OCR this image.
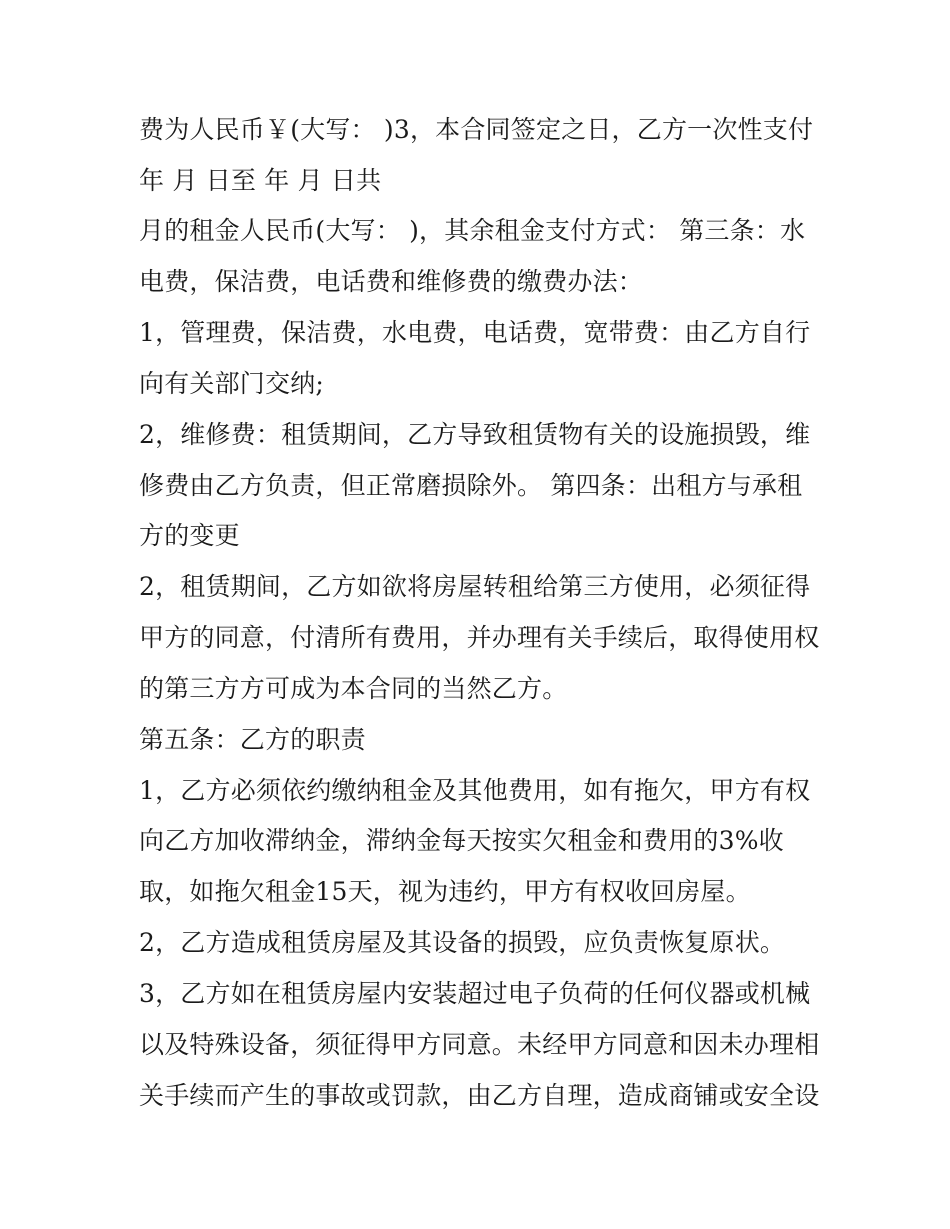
费为人民币￥(大写： )3，本合同签定之日，乙方一次性支付
年 月 日至 年 月 日共
月的租金人民币(大写： )，其余租金支付方式： 第三条：水
电费，保洁费，电话费和维修费的缴费办法：
1，管理费，保洁费，水电费，电话费，宽带费：由乙方自行
向有关部门交纳;
2，维修费：租赁期间，乙方导致租赁物有关的设施损毁，维
修费由乙方负责，但正常磨损除外。 第四条：出租方与承租
方的变更
2，租赁期间，乙方如欲将房屋转租给第三方使用，必须征得
甲方的同意，付清所有费用，并办理有关手续后，取得使用权
的第三方方可成为本合同的当然乙方。
第五条：乙方的职责
1，乙方必须依约缴纳租金及其他费用，如有拖欠，甲方有权
向乙方加收滞纳金，滞纳金每天按实欠租金和费用的3%收
取，如拖欠租金15天，视为违约，甲方有权收回房屋。
2，乙方造成租赁房屋及其设备的损毁，应负责恢复原状。
3，乙方如在租赁房屋内安装超过电子负荷的任何仪器或机械
以及特殊设备，须征得甲方同意。未经甲方同意和因未办理相
关手续而产生的事故或罚款，由乙方自理，造成商铺或安全设
